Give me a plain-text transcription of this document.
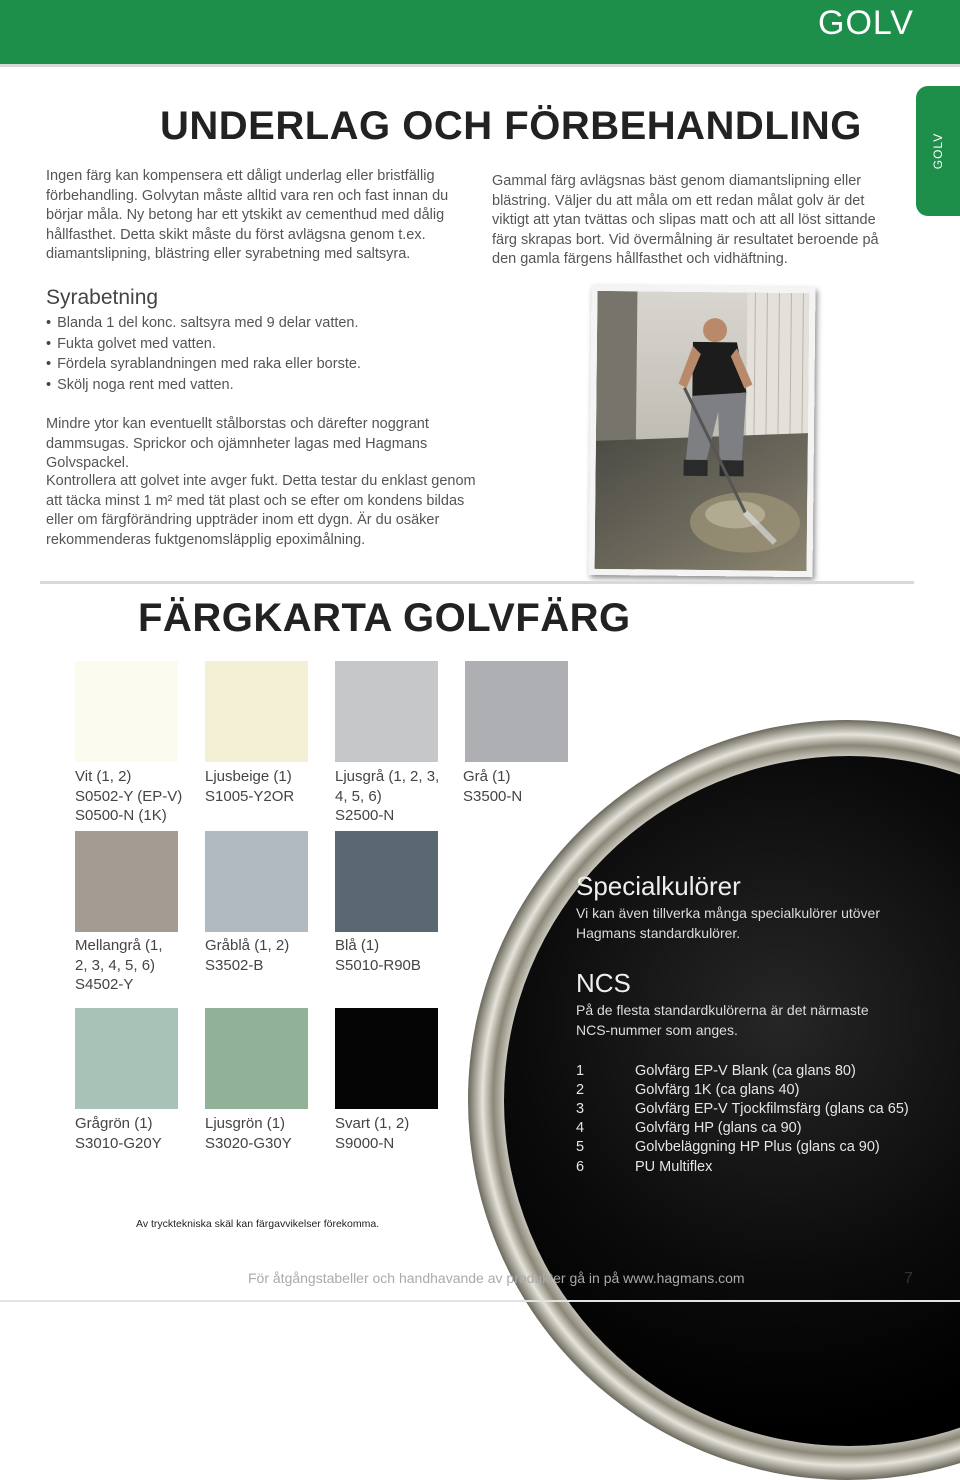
GOLV
GOLV
UNDERLAG OCH FÖRBEHANDLING
Ingen färg kan kompensera ett dåligt underlag eller bristfällig förbehandling. Golvytan måste alltid vara ren och fast innan du börjar måla. Ny betong har ett ytskikt av cementhud med dålig hållfasthet. Detta skikt måste du först avlägsna genom t.ex. diamantslipning, blästring eller syrabetning med saltsyra.
Gammal färg avlägsnas bäst genom diamantslipning eller blästring. Väljer du att måla om ett redan målat golv är det viktigt att ytan tvättas och slipas matt och att all löst sittande färg skrapas bort. Vid övermålning är resultatet beroende på den gamla färgens hållfasthet och vidhäftning.
Syrabetning
• Blanda 1 del konc. saltsyra med 9 delar vatten.
• Fukta golvet med vatten.
• Fördela syrablandningen med raka eller borste.
• Skölj noga rent med vatten.
Mindre ytor kan eventuellt stålborstas och därefter noggrant dammsugas. Sprickor och ojämnheter lagas med Hagmans Golvspackel.
Kontrollera att golvet inte avger fukt. Detta testar du enklast genom att täcka minst 1 m² med tät plast och se efter om kondens bildas eller om färgförändring uppträder inom ett dygn. Är du osäker rekommenderas fuktgenomsläpplig epoximålning.
FÄRGKARTA GOLVFÄRG
Vit (1, 2)
S0502-Y (EP-V)
S0500-N (1K)
Ljusbeige (1)
S1005-Y2OR
Ljusgrå (1, 2, 3,
4, 5, 6)
S2500-N
Grå (1)
S3500-N
Mellangrå (1,
2, 3, 4, 5, 6)
S4502-Y
Gråblå (1, 2)
S3502-B
Blå (1)
S5010-R90B
Grågrön (1)
S3010-G20Y
Ljusgrön (1)
S3020-G30Y
Svart (1, 2)
S9000-N
Specialkulörer
Vi kan även tillverka många specialkulörer utöver Hagmans standardkulörer.
NCS
På de flesta standardkulörerna är det närmaste NCS-nummer som anges.
1	Golvfärg EP-V Blank (ca glans 80)
2	Golvfärg 1K (ca glans 40)
3	Golvfärg EP-V Tjockfilmsfärg (glans ca 65)
4	Golvfärg HP (glans ca 90)
5	Golvbeläggning HP Plus (glans ca 90)
6	PU Multiflex
Av trycktekniska skäl kan färgavvikelser förekomma.
För åtgångstabeller och handhavande av produkter gå in på www.hagmans.com	7
